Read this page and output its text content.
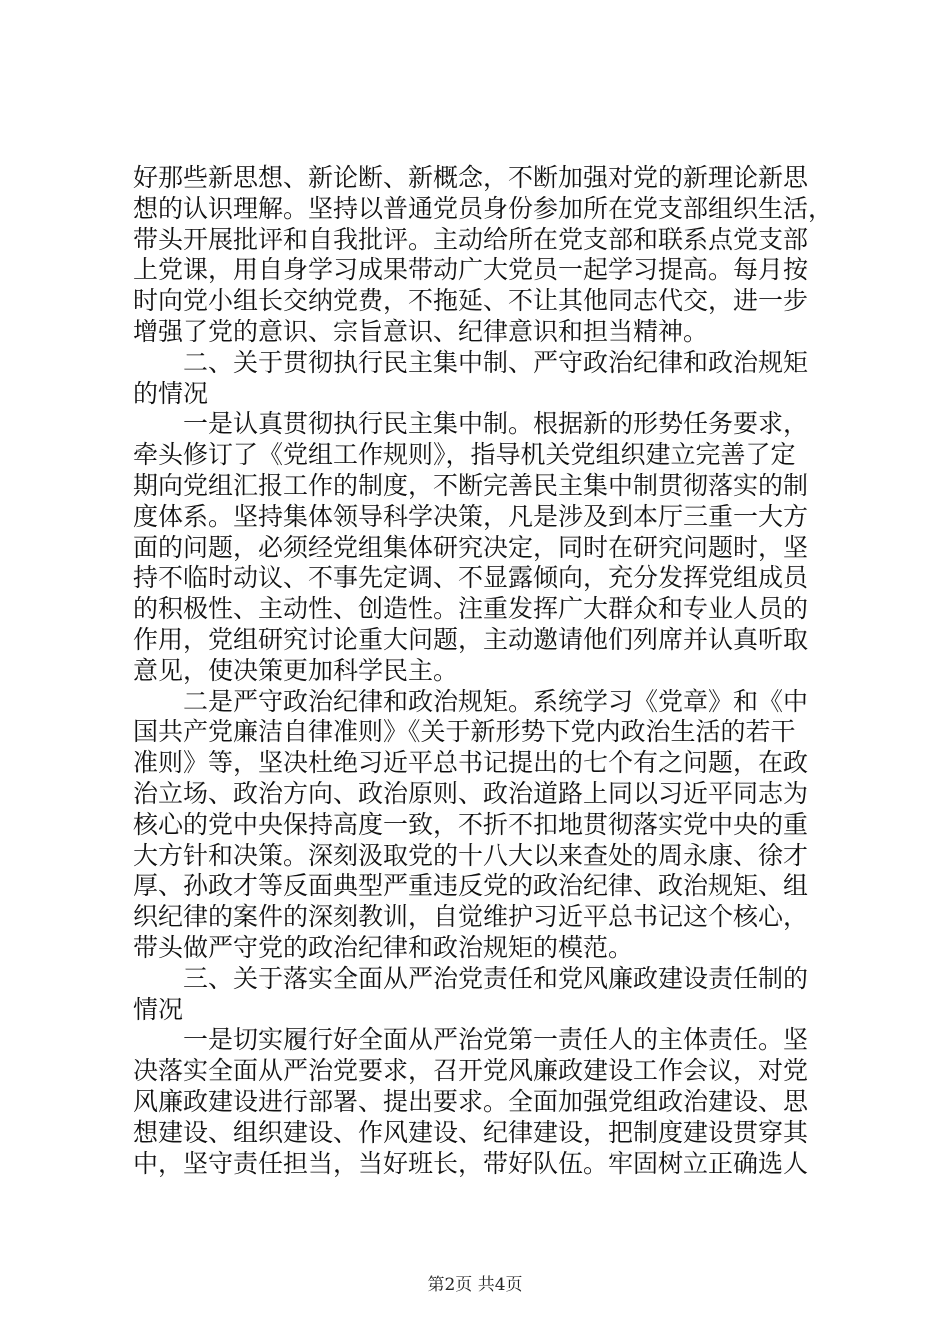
好那些新思想、新论断、新概念，不断加强对党的新理论新思
想的认识理解。坚持以普通党员身份参加所在党支部组织生活，
带头开展批评和自我批评。主动给所在党支部和联系点党支部
上党课，用自身学习成果带动广大党员一起学习提高。每月按
时向党小组长交纳党费，不拖延、不让其他同志代交，进一步
增强了党的意识、宗旨意识、纪律意识和担当精神。
二、关于贯彻执行民主集中制、严守政治纪律和政治规矩
的情况
一是认真贯彻执行民主集中制。根据新的形势任务要求，
牵头修订了《党组工作规则》，指导机关党组织建立完善了定
期向党组汇报工作的制度，不断完善民主集中制贯彻落实的制
度体系。坚持集体领导科学决策，凡是涉及到本厅三重一大方
面的问题，必须经党组集体研究决定，同时在研究问题时，坚
持不临时动议、不事先定调、不显露倾向，充分发挥党组成员
的积极性、主动性、创造性。注重发挥广大群众和专业人员的
作用，党组研究讨论重大问题，主动邀请他们列席并认真听取
意见，使决策更加科学民主。
二是严守政治纪律和政治规矩。系统学习《党章》和《中
国共产党廉洁自律准则》《关于新形势下党内政治生活的若干
准则》等，坚决杜绝习近平总书记提出的七个有之问题，在政
治立场、政治方向、政治原则、政治道路上同以习近平同志为
核心的党中央保持高度一致，不折不扣地贯彻落实党中央的重
大方针和决策。深刻汲取党的十八大以来查处的周永康、徐才
厚、孙政才等反面典型严重违反党的政治纪律、政治规矩、组
织纪律的案件的深刻教训，自觉维护习近平总书记这个核心，
带头做严守党的政治纪律和政治规矩的模范。
三、关于落实全面从严治党责任和党风廉政建设责任制的
情况
一是切实履行好全面从严治党第一责任人的主体责任。坚
决落实全面从严治党要求，召开党风廉政建设工作会议，对党
风廉政建设进行部署、提出要求。全面加强党组政治建设、思
想建设、组织建设、作风建设、纪律建设，把制度建设贯穿其
中，坚守责任担当，当好班长，带好队伍。牢固树立正确选人
第2页 共4页
